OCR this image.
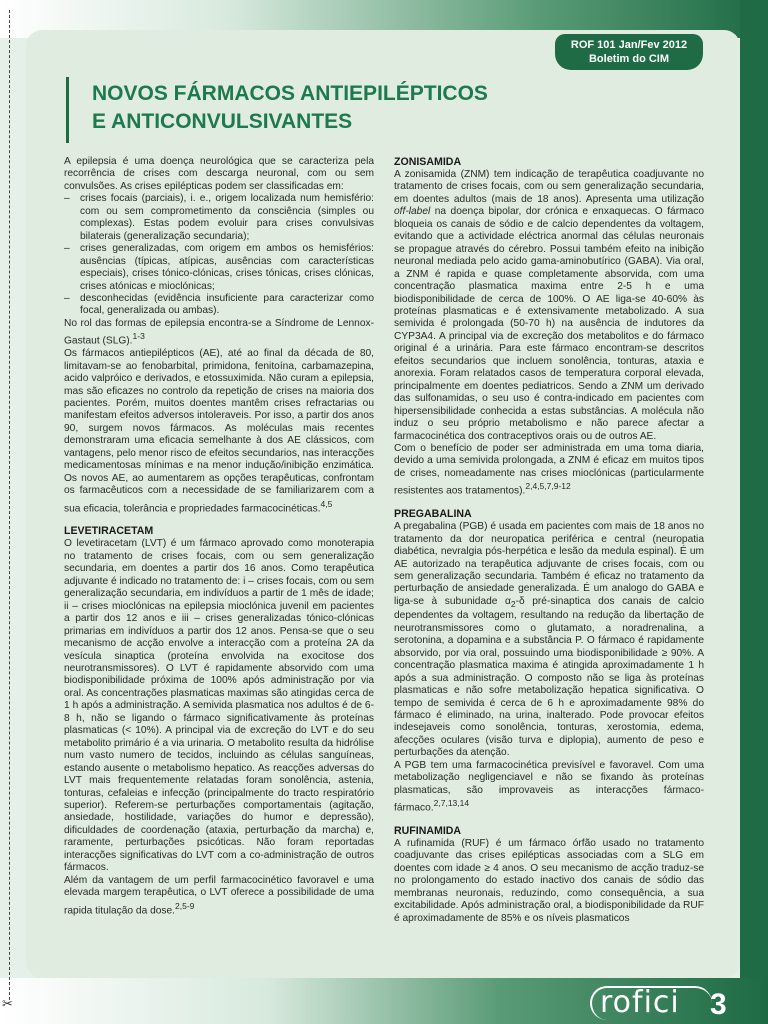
✂
ROF 101 Jan/Fev 2012
Boletim do CIM
NOVOS FÁRMACOS ANTIEPILÉPTICOS
E ANTICONVULSIVANTES

A epilepsia é uma doença neurológica que se caracteriza pela recorrência de crises com descarga neuronal, com ou sem convulsões. As crises epilépticas podem ser classificadas em:

– crises focais (parciais), i. e., origem localizada num hemisfério: com ou sem comprometimento da consciência (simples ou complexas). Estas podem evoluir para crises convulsivas bilaterais (generalização secundaria);
– crises generalizadas, com origem em ambos os hemisférios: ausências (típicas, atípicas, ausências com características especiais), crises tónico-clónicas, crises tónicas, crises clónicas, crises atónicas e mioclónicas;
– desconhecidas (evidência insuficiente para caracterizar como focal, generalizada ou ambas).

No rol das formas de epilepsia encontra-se a Síndrome de Lennox-Gastaut (SLG).$^{1-3}$

Os fármacos antiepilépticos (AE), até ao final da década de 80, limitavam-se ao fenobarbital, primidona, fenitoína, carbamazepina, acido valpróico e derivados, e etossuximida. Não curam a epilepsia, mas são eficazes no controlo da repetição de crises na maioria dos pacientes. Porém, muitos doentes mantêm crises refractarias ou manifestam efeitos adversos intoleraveis. Por isso, a partir dos anos 90, surgem novos fármacos. As moléculas mais recentes demonstraram uma eficacia semelhante à dos AE clássicos, com vantagens, pelo menor risco de efeitos secundarios, nas interacções medicamentosas mínimas e na menor indução/inibição enzimática. Os novos AE, ao aumentarem as opções terapêuticas, confrontam os farmacêuticos com a necessidade de se familiarizarem com a sua eficacia, tolerância e propriedades farmacocinéticas.$^{4,5}$

LEVETIRACETAM

O levetiracetam (LVT) é um fármaco aprovado como monoterapia no tratamento de crises focais, com ou sem generalização secundaria, em doentes a partir dos 16 anos. Como terapêutica adjuvante é indicado no tratamento de: i – crises focais, com ou sem generalização secundaria, em indivíduos a partir de 1 mês de idade; ii – crises mioclónicas na epilepsia mioclónica juvenil em pacientes a partir dos 12 anos e iii – crises generalizadas tónico-clónicas primarias em indivíduos a partir dos 12 anos. Pensa-se que o seu mecanismo de acção envolve a interacção com a proteína 2A da vesícula sinaptica (proteína envolvida na exocitose dos neurotransmissores). O LVT é rapidamente absorvido com uma biodisponibilidade próxima de 100% após administração por via oral. As concentrações plasmaticas maximas são atingidas cerca de 1 h após a administração. A semivida plasmatica nos adultos é de 6-8 h, não se ligando o fármaco significativamente às proteínas plasmaticas (< 10%). A principal via de excreção do LVT e do seu metabolito primário é a via urinaria. O metabolito resulta da hidrólise num vasto numero de tecidos, incluindo as células sanguíneas, estando ausente o metabolismo hepatico. As reacções adversas do LVT mais frequentemente relatadas foram sonolência, astenia, tonturas, cefaleias e infecção (principalmente do tracto respiratório superior). Referem-se perturbações comportamentais (agitação, ansiedade, hostilidade, variações do humor e depressão), dificuldades de coordenação (ataxia, perturbação da marcha) e, raramente, perturbações psicóticas. Não foram reportadas interacções significativas do LVT com a co-administração de outros fármacos.

Além da vantagem de um perfil farmacocinético favoravel e uma elevada margem terapêutica, o LVT oferece a possibilidade de uma rapida titulação da dose.$^{2,5-9}$

ZONISAMIDA

A zonisamida (ZNM) tem indicação de terapêutica coadjuvante no tratamento de crises focais, com ou sem generalização secundaria, em doentes adultos (mais de 18 anos). Apresenta uma utilização off-label na doença bipolar, dor crónica e enxaquecas. O fármaco bloqueia os canais de sódio e de calcio dependentes da voltagem, evitando que a actividade eléctrica anormal das células neuronais se propague através do cérebro. Possui também efeito na inibição neuronal mediada pelo acido gama-aminobutírico (GABA). Via oral, a ZNM é rapida e quase completamente absorvida, com uma concentração plasmatica maxima entre 2-5 h e uma biodisponibilidade de cerca de 100%. O AE liga-se 40-60% às proteínas plasmaticas e é extensivamente metabolizado. A sua semivida é prolongada (50-70 h) na ausência de indutores da CYP3A4. A principal via de excreção dos metabolitos e do fármaco original é a urinária. Para este fármaco encontram-se descritos efeitos secundarios que incluem sonolência, tonturas, ataxia e anorexia. Foram relatados casos de temperatura corporal elevada, principalmente em doentes pediatricos. Sendo a ZNM um derivado das sulfonamidas, o seu uso é contra-indicado em pacientes com hipersensibilidade conhecida a estas substâncias. A molécula não induz o seu próprio metabolismo e não parece afectar a farmacocinética dos contraceptivos orais ou de outros AE.

Com o benefício de poder ser administrada em uma toma diaria, devido a uma semivida prolongada, a ZNM é eficaz em muitos tipos de crises, nomeadamente nas crises mioclónicas (particularmente resistentes aos tratamentos).$^{2,4,5,7,9-12}$

PREGABALINA

A pregabalina (PGB) é usada em pacientes com mais de 18 anos no tratamento da dor neuropatica periférica e central (neuropatia diabética, nevralgia pós-herpética e lesão da medula espinal). É um AE autorizado na terapêutica adjuvante de crises focais, com ou sem generalização secundaria. Também é eficaz no tratamento da perturbação de ansiedade generalizada. É um analogo do GABA e liga-se à subunidade $\alpha_2-\delta$ pré-sinaptica dos canais de calcio dependentes da voltagem, resultando na redução da libertação de neurotransmissores como o glutamato, a noradrenalina, a serotonina, a dopamina e a substância P. O fármaco é rapidamente absorvido, por via oral, possuindo uma biodisponibilidade ≥ 90%. A concentração plasmatica maxima é atingida aproximadamente 1 h após a sua administração. O composto não se liga às proteínas plasmaticas e não sofre metabolização hepatica significativa. O tempo de semivida é cerca de 6 h e aproximadamente 98% do fármaco é eliminado, na urina, inalterado. Pode provocar efeitos indesejaveis como sonolência, tonturas, xerostomia, edema, afecções oculares (visão turva e diplopia), aumento de peso e perturbações da atenção.

A PGB tem uma farmacocinética previsível e favoravel. Com uma metabolização negligenciavel e não se fixando às proteínas plasmaticas, são improvaveis as interacções fármaco-fármaco.$^{2,7,13,14}$

RUFINAMIDA

A rufinamida (RUF) é um fármaco órfão usado no tratamento coadjuvante das crises epilépticas associadas com a SLG em doentes com idade ≥ 4 anos. O seu mecanismo de acção traduz-se no prolongamento do estado inactivo dos canais de sódio das membranas neuronais, reduzindo, como consequência, a sua excitabilidade. Após administração oral, a biodisponibilidade da RUF é aproximadamente de 85% e os níveis plasmaticos

rofici 3
